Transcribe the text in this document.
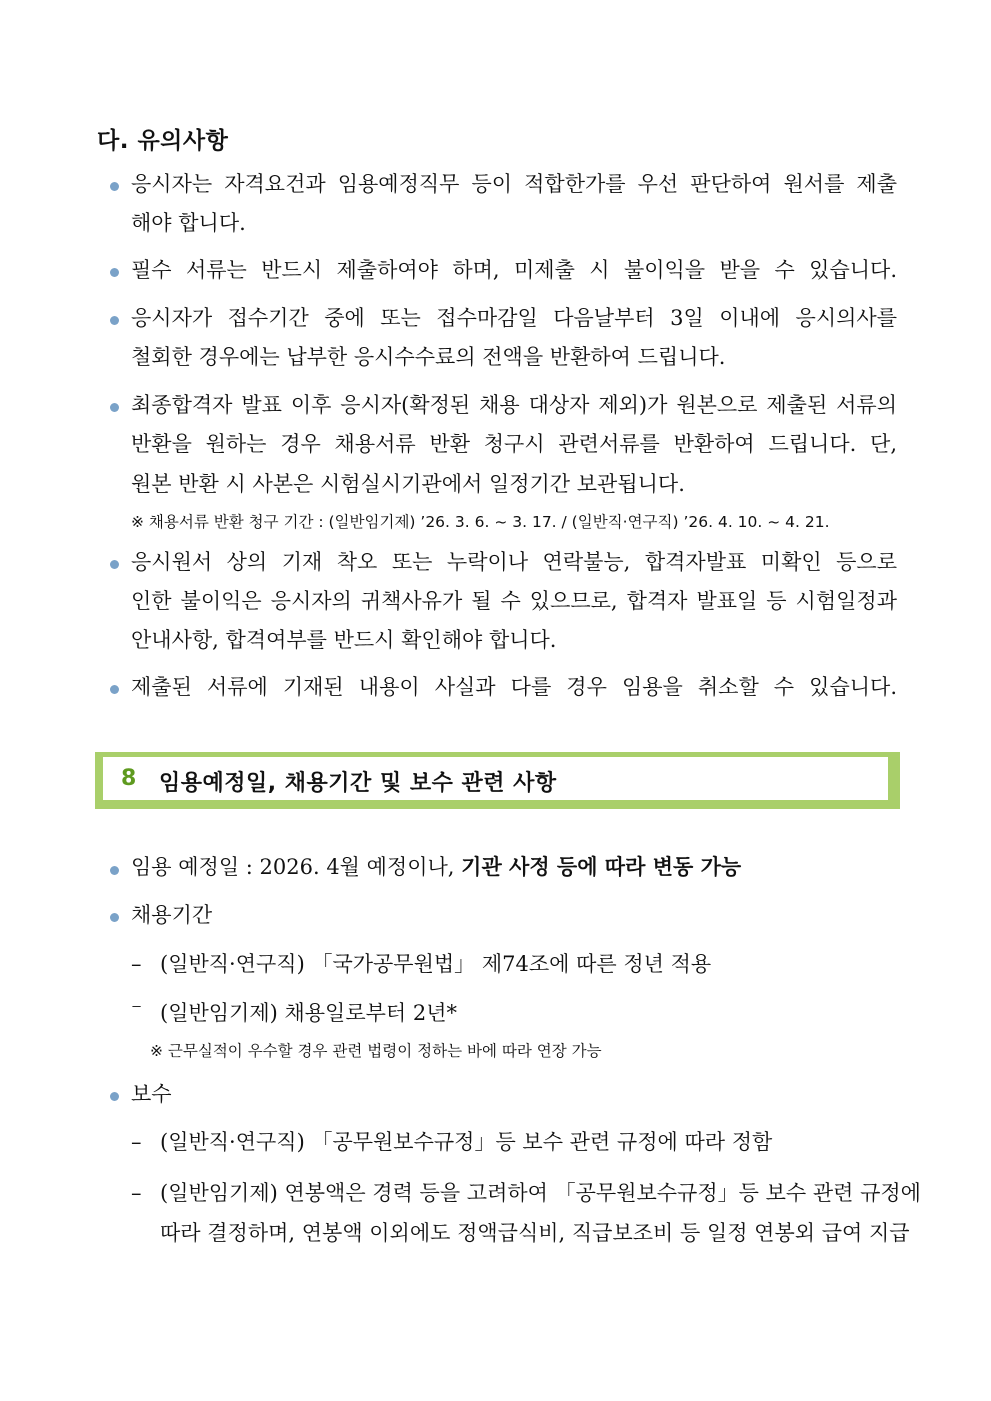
다. 유의사항
응시자는 자격요건과 임용예정직무 등이 적합한가를 우선 판단하여 원서를 제출
해야 합니다.
필수 서류는 반드시 제출하여야 하며, 미제출 시 불이익을 받을 수 있습니다.
응시자가 접수기간 중에 또는 접수마감일 다음날부터 3일 이내에 응시의사를
철회한 경우에는 납부한 응시수수료의 전액을 반환하여 드립니다.
최종합격자 발표 이후 응시자(확정된 채용 대상자 제외)가 원본으로 제출된 서류의
반환을 원하는 경우 채용서류 반환 청구시 관련서류를 반환하여 드립니다. 단,
원본 반환 시 사본은 시험실시기관에서 일정기간 보관됩니다.
※ 채용서류 반환 청구 기간 : (일반임기제) ’26. 3. 6. ~ 3. 17. / (일반직·연구직) ’26. 4. 10. ~ 4. 21.
응시원서 상의 기재 착오 또는 누락이나 연락불능, 합격자발표 미확인 등으로
인한 불이익은 응시자의 귀책사유가 될 수 있으므로, 합격자 발표일 등 시험일정과
안내사항, 합격여부를 반드시 확인해야 합니다.
제출된 서류에 기재된 내용이 사실과 다를 경우 임용을 취소할 수 있습니다.
8 임용예정일, 채용기간 및 보수 관련 사항
임용 예정일 : 2026. 4월 예정이나, 기관 사정 등에 따라 변동 가능
채용기간
– (일반직·연구직) 「국가공무원법」 제74조에 따른 정년 적용
⁻ (일반임기제) 채용일로부터 2년*
※ 근무실적이 우수할 경우 관련 법령이 정하는 바에 따라 연장 가능
보수
– (일반직·연구직) 「공무원보수규정」등 보수 관련 규정에 따라 정함
– (일반임기제) 연봉액은 경력 등을 고려하여 「공무원보수규정」등 보수 관련 규정에
따라 결정하며, 연봉액 이외에도 정액급식비, 직급보조비 등 일정 연봉외 급여 지급
